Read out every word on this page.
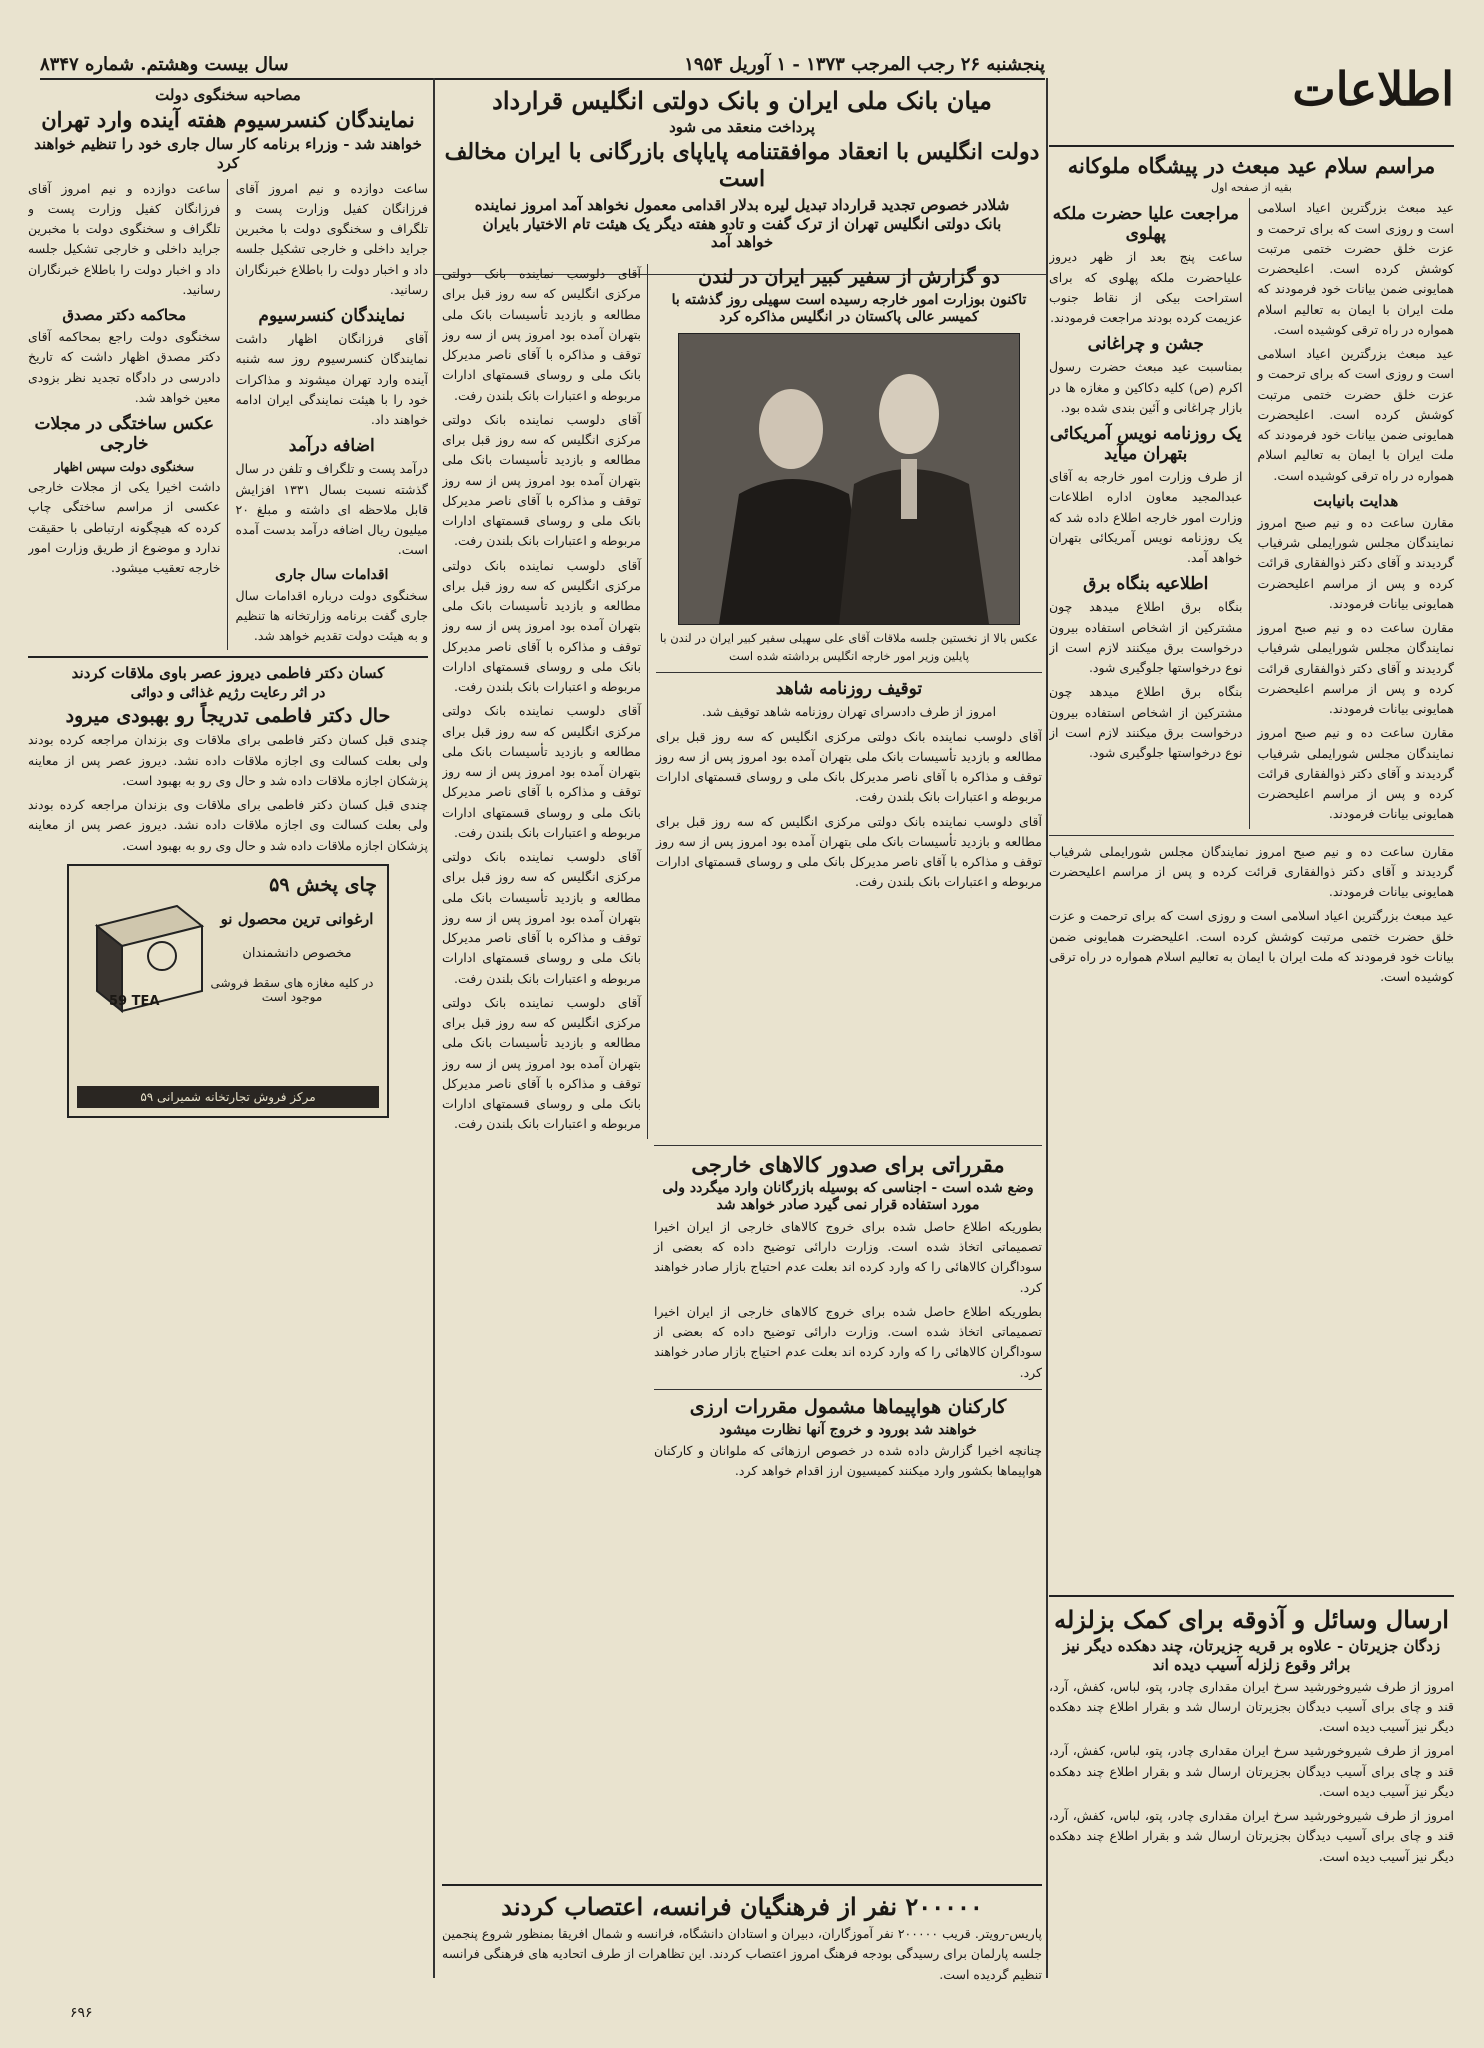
پنجشنبه ۲۶ رجب المرجب ۱۳۷۳ - ۱ آوریل ۱۹۵۴
سال بیست وهشتم. شماره ۸۳۴۷	اطلاعات
مراسم سلام عید مبعث در پیشگاه ملوکانه
بقیه از صفحه اول

عید مبعث بزرگترین اعیاد اسلامی است و روزی است که برای ترحمت و عزت خلق حضرت ختمی مرتبت کوشش کرده است. اعلیحضرت همایونی ضمن بیانات خود فرمودند که ملت ایران با ایمان به تعالیم اسلام همواره در راه ترقی کوشیده است.

عید مبعث بزرگترین اعیاد اسلامی است و روزی است که برای ترحمت و عزت خلق حضرت ختمی مرتبت کوشش کرده است. اعلیحضرت همایونی ضمن بیانات خود فرمودند که ملت ایران با ایمان به تعالیم اسلام همواره در راه ترقی کوشیده است.

هدایت بانیابت

مقارن ساعت ده و نیم صبح امروز نمایندگان مجلس شورایملی شرفیاب گردیدند و آقای دکتر ذوالفقاری قرائت کرده و پس از مراسم اعلیحضرت همایونی بیانات فرمودند.

مقارن ساعت ده و نیم صبح امروز نمایندگان مجلس شورایملی شرفیاب گردیدند و آقای دکتر ذوالفقاری قرائت کرده و پس از مراسم اعلیحضرت همایونی بیانات فرمودند.

مقارن ساعت ده و نیم صبح امروز نمایندگان مجلس شورایملی شرفیاب گردیدند و آقای دکتر ذوالفقاری قرائت کرده و پس از مراسم اعلیحضرت همایونی بیانات فرمودند.

مراجعت علیا حضرت ملکه پهلوی

ساعت پنج بعد از ظهر دیروز علیاحضرت ملکه پهلوی که برای استراحت بیکی از نقاط جنوب عزیمت کرده بودند مراجعت فرمودند.

جشن و چراغانی

بمناسبت عید مبعث حضرت رسول اکرم (ص) کلیه دکاکین و مغازه ها در بازار چراغانی و آئین بندی شده بود.

یک روزنامه نویس آمریکائی بتهران میآید

از طرف وزارت امور خارجه به آقای عبدالمجید معاون اداره اطلاعات وزارت امور خارجه اطلاع داده شد که یک روزنامه نویس آمریکائی بتهران خواهد آمد.

اطلاعیه بنگاه برق

بنگاه برق اطلاع میدهد چون مشترکین از اشخاص استفاده بیرون درخواست برق میکنند لازم است از نوع درخواستها جلوگیری شود.

بنگاه برق اطلاع میدهد چون مشترکین از اشخاص استفاده بیرون درخواست برق میکنند لازم است از نوع درخواستها جلوگیری شود.

مقارن ساعت ده و نیم صبح امروز نمایندگان مجلس شورایملی شرفیاب گردیدند و آقای دکتر ذوالفقاری قرائت کرده و پس از مراسم اعلیحضرت همایونی بیانات فرمودند.

عید مبعث بزرگترین اعیاد اسلامی است و روزی است که برای ترحمت و عزت خلق حضرت ختمی مرتبت کوشش کرده است. اعلیحضرت همایونی ضمن بیانات خود فرمودند که ملت ایران با ایمان به تعالیم اسلام همواره در راه ترقی کوشیده است.

ارسال وسائل و آذوقه برای کمک بزلزله
زدگان جزیرتان - علاوه بر قریه جزیرتان، چند دهکده دیگر نیز براثر وقوع زلزله آسیب دیده اند

امروز از طرف شیروخورشید سرخ ایران مقداری چادر، پتو، لباس، کفش، آرد، قند و چای برای آسیب دیدگان بجزیرتان ارسال شد و بقرار اطلاع چند دهکده دیگر نیز آسیب دیده است.

امروز از طرف شیروخورشید سرخ ایران مقداری چادر، پتو، لباس، کفش، آرد، قند و چای برای آسیب دیدگان بجزیرتان ارسال شد و بقرار اطلاع چند دهکده دیگر نیز آسیب دیده است.

امروز از طرف شیروخورشید سرخ ایران مقداری چادر، پتو، لباس، کفش، آرد، قند و چای برای آسیب دیدگان بجزیرتان ارسال شد و بقرار اطلاع چند دهکده دیگر نیز آسیب دیده است.

میان بانک ملی ایران و بانک دولتی انگلیس قرارداد
پرداخت منعقد می شود
دولت انگلیس با انعقاد موافقتنامه پایاپای بازرگانی با ایران مخالف است
شلادر خصوص تجدید قرارداد تبدیل لیره بدلار اقدامی معمول نخواهد آمد امروز نماینده بانک دولتی انگلیس تهران از ترک گفت و تادو هفته دیگر یک هیئت تام الاختیار بایران خواهد آمد
دو گزارش از سفیر کبیر ایران در لندن
تاکنون بوزارت امور خارجه رسیده است سهیلی روز گذشته با کمیسر عالی پاکستان در انگلیس مذاکره کرد

عکس بالا از نخستین جلسه ملاقات آقای علی سهیلی سفیر کبیر ایران در لندن با پایلین وزیر امور خارجه انگلیس برداشته شده است

توقیف روزنامه شاهد

امروز از طرف دادسرای تهران روزنامه شاهد توقیف شد.

آقای دلوسب نماینده بانک دولتی مرکزی انگلیس که سه روز قبل برای مطالعه و بازدید تأسیسات بانک ملی بتهران آمده بود امروز پس از سه روز توقف و مذاکره با آقای ناصر مدیرکل بانک ملی و روسای قسمتهای ادارات مربوطه و اعتبارات بانک بلندن رفت.

آقای دلوسب نماینده بانک دولتی مرکزی انگلیس که سه روز قبل برای مطالعه و بازدید تأسیسات بانک ملی بتهران آمده بود امروز پس از سه روز توقف و مذاکره با آقای ناصر مدیرکل بانک ملی و روسای قسمتهای ادارات مربوطه و اعتبارات بانک بلندن رفت.

آقای دلوسب نماینده بانک دولتی مرکزی انگلیس که سه روز قبل برای مطالعه و بازدید تأسیسات بانک ملی بتهران آمده بود امروز پس از سه روز توقف و مذاکره با آقای ناصر مدیرکل بانک ملی و روسای قسمتهای ادارات مربوطه و اعتبارات بانک بلندن رفت.

آقای دلوسب نماینده بانک دولتی مرکزی انگلیس که سه روز قبل برای مطالعه و بازدید تأسیسات بانک ملی بتهران آمده بود امروز پس از سه روز توقف و مذاکره با آقای ناصر مدیرکل بانک ملی و روسای قسمتهای ادارات مربوطه و اعتبارات بانک بلندن رفت.

آقای دلوسب نماینده بانک دولتی مرکزی انگلیس که سه روز قبل برای مطالعه و بازدید تأسیسات بانک ملی بتهران آمده بود امروز پس از سه روز توقف و مذاکره با آقای ناصر مدیرکل بانک ملی و روسای قسمتهای ادارات مربوطه و اعتبارات بانک بلندن رفت.

آقای دلوسب نماینده بانک دولتی مرکزی انگلیس که سه روز قبل برای مطالعه و بازدید تأسیسات بانک ملی بتهران آمده بود امروز پس از سه روز توقف و مذاکره با آقای ناصر مدیرکل بانک ملی و روسای قسمتهای ادارات مربوطه و اعتبارات بانک بلندن رفت.

آقای دلوسب نماینده بانک دولتی مرکزی انگلیس که سه روز قبل برای مطالعه و بازدید تأسیسات بانک ملی بتهران آمده بود امروز پس از سه روز توقف و مذاکره با آقای ناصر مدیرکل بانک ملی و روسای قسمتهای ادارات مربوطه و اعتبارات بانک بلندن رفت.

آقای دلوسب نماینده بانک دولتی مرکزی انگلیس که سه روز قبل برای مطالعه و بازدید تأسیسات بانک ملی بتهران آمده بود امروز پس از سه روز توقف و مذاکره با آقای ناصر مدیرکل بانک ملی و روسای قسمتهای ادارات مربوطه و اعتبارات بانک بلندن رفت.

مقرراتی برای صدور کالاهای خارجی
وضع شده است - اجناسی که بوسیله بازرگانان وارد میگردد ولی مورد استفاده قرار نمی گیرد صادر خواهد شد

بطوریکه اطلاع حاصل شده برای خروج کالاهای خارجی از ایران اخیرا تصمیماتی اتخاذ شده است. وزارت دارائی توضیح داده که بعضی از سوداگران کالاهائی را که وارد کرده اند بعلت عدم احتیاج بازار صادر خواهند کرد.

بطوریکه اطلاع حاصل شده برای خروج کالاهای خارجی از ایران اخیرا تصمیماتی اتخاذ شده است. وزارت دارائی توضیح داده که بعضی از سوداگران کالاهائی را که وارد کرده اند بعلت عدم احتیاج بازار صادر خواهند کرد.

کارکنان هواپیماها مشمول مقررات ارزی
خواهند شد بورود و خروج آنها نظارت میشود

چنانچه اخیرا گزارش داده شده در خصوص ارزهائی که ملوانان و کارکنان هواپیماها بکشور وارد میکنند کمیسیون ارز اقدام خواهد کرد.

۲۰۰۰۰۰ نفر از فرهنگیان فرانسه، اعتصاب کردند

پاریس-رویتر. قریب ۲۰۰۰۰۰ نفر آموزگاران، دبیران و استادان دانشگاه، فرانسه و شمال افریقا بمنظور شروع پنجمین جلسه پارلمان برای رسیدگی بودجه فرهنگ امروز اعتصاب کردند. این تظاهرات از طرف اتحادیه های فرهنگی فرانسه تنظیم گردیده است.

مصاحبه سخنگوی دولت
نمایندگان کنسرسیوم هفته آینده وارد تهران
خواهند شد - وزراء برنامه کار سال جاری خود را تنظیم خواهند کرد

ساعت دوازده و نیم امروز آقای فرزانگان کفیل وزارت پست و تلگراف و سخنگوی دولت با مخبرین جراید داخلی و خارجی تشکیل جلسه داد و اخبار دولت را باطلاع خبرنگاران رسانید.

نمایندگان کنسرسیوم

آقای فرزانگان اظهار داشت نمایندگان کنسرسیوم روز سه شنبه آینده وارد تهران میشوند و مذاکرات خود را با هیئت نمایندگی ایران ادامه خواهند داد.

اضافه درآمد

درآمد پست و تلگراف و تلفن در سال گذشته نسبت بسال ۱۳۳۱ افزایش قابل ملاحظه ای داشته و مبلغ ۲۰ میلیون ریال اضافه درآمد بدست آمده است.

اقدامات سال جاری

سخنگوی دولت درباره اقدامات سال جاری گفت برنامه وزارتخانه ها تنظیم و به هیئت دولت تقدیم خواهد شد.

ساعت دوازده و نیم امروز آقای فرزانگان کفیل وزارت پست و تلگراف و سخنگوی دولت با مخبرین جراید داخلی و خارجی تشکیل جلسه داد و اخبار دولت را باطلاع خبرنگاران رسانید.

محاکمه دکتر مصدق

سخنگوی دولت راجع بمحاکمه آقای دکتر مصدق اظهار داشت که تاریخ دادرسی در دادگاه تجدید نظر بزودی معین خواهد شد.

عکس ساختگی در مجلات خارجی
سخنگوی دولت سپس اظهار

داشت اخیرا یکی از مجلات خارجی عکسی از مراسم ساختگی چاپ کرده که هیچگونه ارتباطی با حقیقت ندارد و موضوع از طریق وزارت امور خارجه تعقیب میشود.

کسان دکتر فاطمی دیروز عصر باوی ملاقات کردند
در اثر رعایت رژیم غذائی و دوائی
حال دکتر فاطمی تدریجاً رو بهبودی میرود

چندی قبل کسان دکتر فاطمی برای ملاقات وی بزندان مراجعه کرده بودند ولی بعلت کسالت وی اجازه ملاقات داده نشد. دیروز عصر پس از معاینه پزشکان اجازه ملاقات داده شد و حال وی رو به بهبود است.

چندی قبل کسان دکتر فاطمی برای ملاقات وی بزندان مراجعه کرده بودند ولی بعلت کسالت وی اجازه ملاقات داده نشد. دیروز عصر پس از معاینه پزشکان اجازه ملاقات داده شد و حال وی رو به بهبود است.

چای پخش ۵۹
59 TEA
ارغوانی ترین محصول نو
مخصوص دانشمندان
در کلیه مغازه های سقط فروشی موجود است
مرکز فروش تجارتخانه شمیرانی ۵۹
۶۹۶
